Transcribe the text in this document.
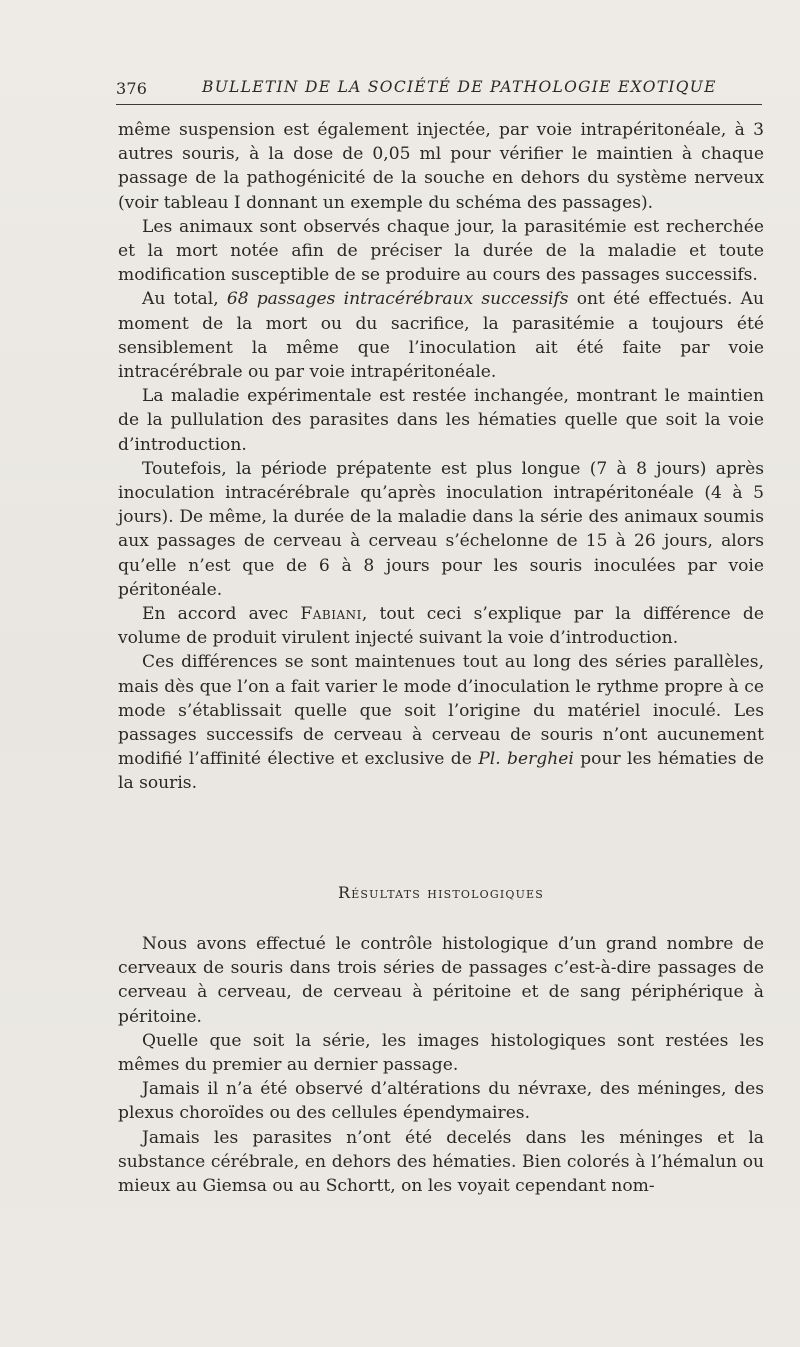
376	BULLETIN DE LA SOCIÉTÉ DE PATHOLOGIE EXOTIQUE

même suspension est également injectée, par voie intrapéritonéale, à 3 autres souris, à la dose de 0,05 ml pour vérifier le maintien à chaque passage de la pathogénicité de la souche en dehors du système nerveux (voir tableau I donnant un exemple du schéma des passages).

Les animaux sont observés chaque jour, la parasitémie est recherchée et la mort notée afin de préciser la durée de la maladie et toute modification susceptible de se produire au cours des passages successifs.

Au total, 68 passages intracérébraux successifs ont été effectués. Au moment de la mort ou du sacrifice, la parasitémie a toujours été sensiblement la même que l’inoculation ait été faite par voie intracérébrale ou par voie intrapéritonéale.

La maladie expérimentale est restée inchangée, montrant le maintien de la pullulation des parasites dans les hématies quelle que soit la voie d’introduction.

Toutefois, la période prépatente est plus longue (7 à 8 jours) après inoculation intracérébrale qu’après inoculation intrapéritonéale (4 à 5 jours). De même, la durée de la maladie dans la série des animaux soumis aux passages de cerveau à cerveau s’échelonne de 15 à 26 jours, alors qu’elle n’est que de 6 à 8 jours pour les souris inoculées par voie péritonéale.

En accord avec Fabiani, tout ceci s’explique par la différence de volume de produit virulent injecté suivant la voie d’introduction.

Ces différences se sont maintenues tout au long des séries parallèles, mais dès que l’on a fait varier le mode d’inoculation le rythme propre à ce mode s’établissait quelle que soit l’origine du matériel inoculé. Les passages successifs de cerveau à cerveau de souris n’ont aucunement modifié l’affinité élective et exclusive de Pl. berghei pour les hématies de la souris.

Résultats histologiques

Nous avons effectué le contrôle histologique d’un grand nombre de cerveaux de souris dans trois séries de passages c’est-à-dire passages de cerveau à cerveau, de cerveau à péritoine et de sang périphérique à péritoine.

Quelle que soit la série, les images histologiques sont restées les mêmes du premier au dernier passage.

Jamais il n’a été observé d’altérations du névraxe, des méninges, des plexus choroïdes ou des cellules épendymaires.

Jamais les parasites n’ont été decelés dans les méninges et la substance cérébrale, en dehors des hématies. Bien colorés à l’hémalun ou mieux au Giemsa ou au Schortt, on les voyait cependant nom-
